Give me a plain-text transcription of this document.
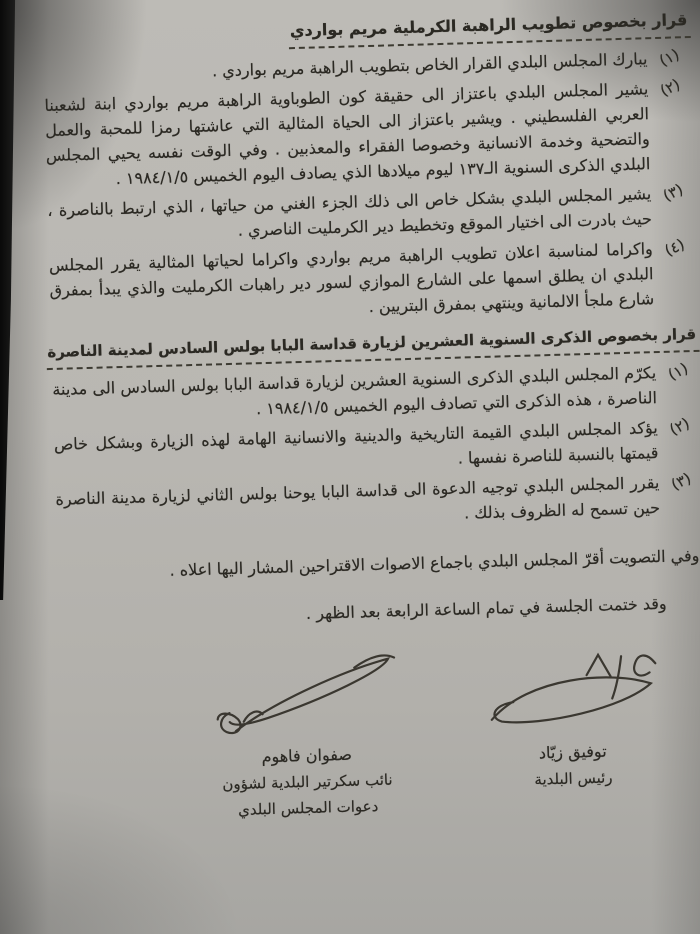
قرار بخصوص تطويب الراهبة الكرملية مريم بواردي
(١)
يبارك المجلس البلدي القرار الخاص بتطويب الراهبة مريم بواردي .
(٢)
يشير المجلس البلدي باعتزاز الى حقيقة كون الطوباوية الراهبة مريم بواردي ابنة لشعبنا العربي الفلسطيني . ويشير باعتزاز الى الحياة المثالية التي عاشتها رمزا للمحبة والعمل والتضحية وخدمة الانسانية وخصوصا الفقراء والمعذبين . وفي الوقت نفسه يحيي المجلس البلدي الذكرى السنوية الـ١٣٧ ليوم ميلادها الذي يصادف اليوم الخميس ١٩٨٤/١/٥ .
(٣)
يشير المجلس البلدي بشكل خاص الى ذلك الجزء الغني من حياتها ، الذي ارتبط بالناصرة ، حيث بادرت الى اختيار الموقع وتخطيط دير الكرمليت الناصري .
(٤)
واكراما لمناسبة اعلان تطويب الراهبة مريم بواردي واكراما لحياتها المثالية يقرر المجلس البلدي ان يطلق اسمها على الشارع الموازي لسور دير راهبات الكرمليت والذي يبدأ بمفرق شارع ملجأ الالمانية وينتهي بمفرق البتريين .
قرار بخصوص الذكرى السنوية العشرين لزيارة قداسة البابا بولس السادس لمدينة الناصرة
(١)
يكرّم المجلس البلدي الذكرى السنوية العشرين لزيارة قداسة البابا بولس السادس الى مدينة الناصرة ، هذه الذكرى التي تصادف اليوم الخميس ١٩٨٤/١/٥ .
(٢)
يؤكد المجلس البلدي القيمة التاريخية والدينية والانسانية الهامة لهذه الزيارة وبشكل خاص قيمتها بالنسبة للناصرة نفسها .
(٣)
يقرر المجلس البلدي توجيه الدعوة الى قداسة البابا يوحنا بولس الثاني لزيارة مدينة الناصرة حين تسمح له الظروف بذلك .
وفي التصويت أقرّ المجلس البلدي باجماع الاصوات الاقتراحين المشار اليها اعلاه .
وقد ختمت الجلسة في تمام الساعة الرابعة بعد الظهر .
توفيق زيّاد
رئيس البلدية
صفوان فاهوم
نائب سكرتير البلدية لشؤون
دعوات المجلس البلدي
